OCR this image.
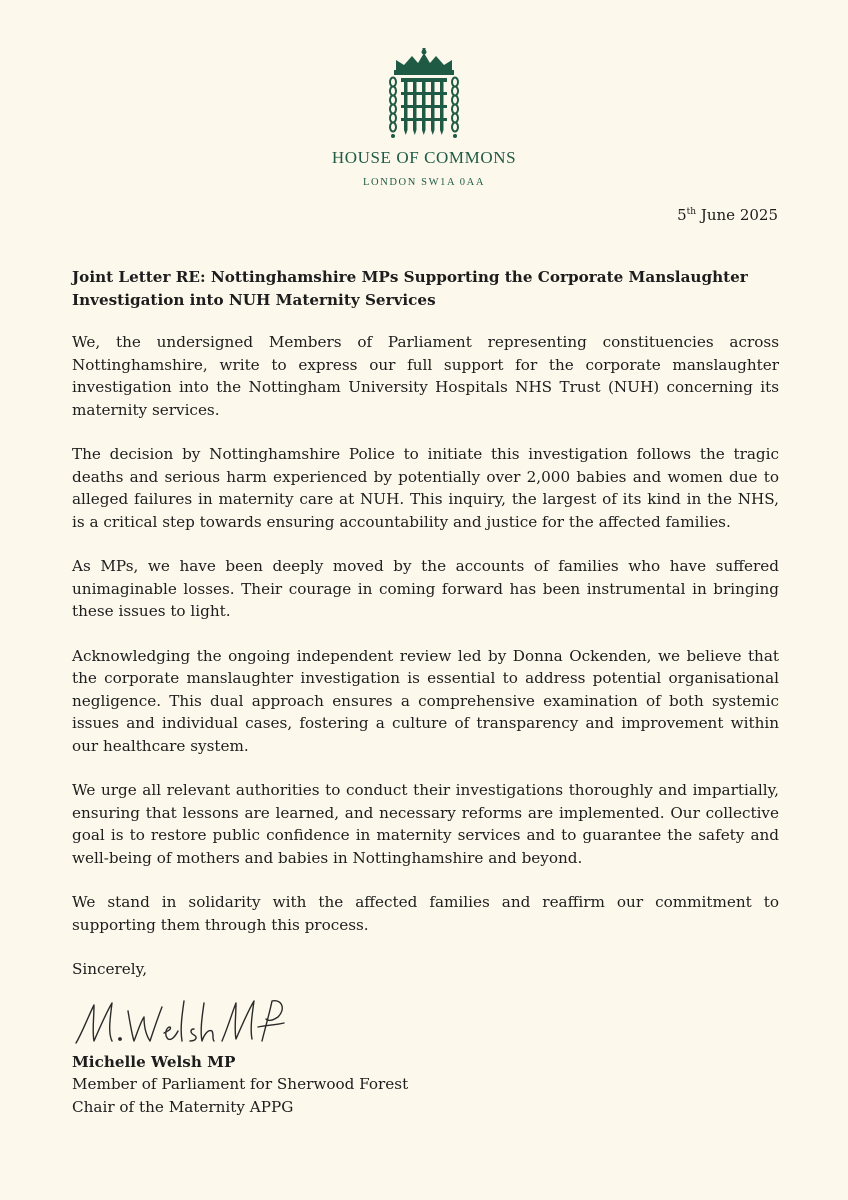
HOUSE OF COMMONS
LONDON SW1A 0AA
5th June 2025

Joint Letter RE: Nottinghamshire MPs Supporting the Corporate Manslaughter Investigation into NUH Maternity Services

We, the undersigned Members of Parliament representing constituencies across Nottinghamshire, write to express our full support for the corporate manslaughter investigation into the Nottingham University Hospitals NHS Trust (NUH) concerning its maternity services.

The decision by Nottinghamshire Police to initiate this investigation follows the tragic deaths and serious harm experienced by potentially over 2,000 babies and women due to alleged failures in maternity care at NUH. This inquiry, the largest of its kind in the NHS, is a critical step towards ensuring accountability and justice for the affected families.

As MPs, we have been deeply moved by the accounts of families who have suffered unimaginable losses. Their courage in coming forward has been instrumental in bringing these issues to light.

Acknowledging the ongoing independent review led by Donna Ockenden, we believe that the corporate manslaughter investigation is essential to address potential organisational negligence. This dual approach ensures a comprehensive examination of both systemic issues and individual cases, fostering a culture of transparency and improvement within our healthcare system.

We urge all relevant authorities to conduct their investigations thoroughly and impartially, ensuring that lessons are learned, and necessary reforms are implemented. Our collective goal is to restore public confidence in maternity services and to guarantee the safety and well-being of mothers and babies in Nottinghamshire and beyond.

We stand in solidarity with the affected families and reaffirm our commitment to supporting them through this process.

Sincerely,

Michelle Welsh MP

Member of Parliament for Sherwood Forest

Chair of the Maternity APPG
